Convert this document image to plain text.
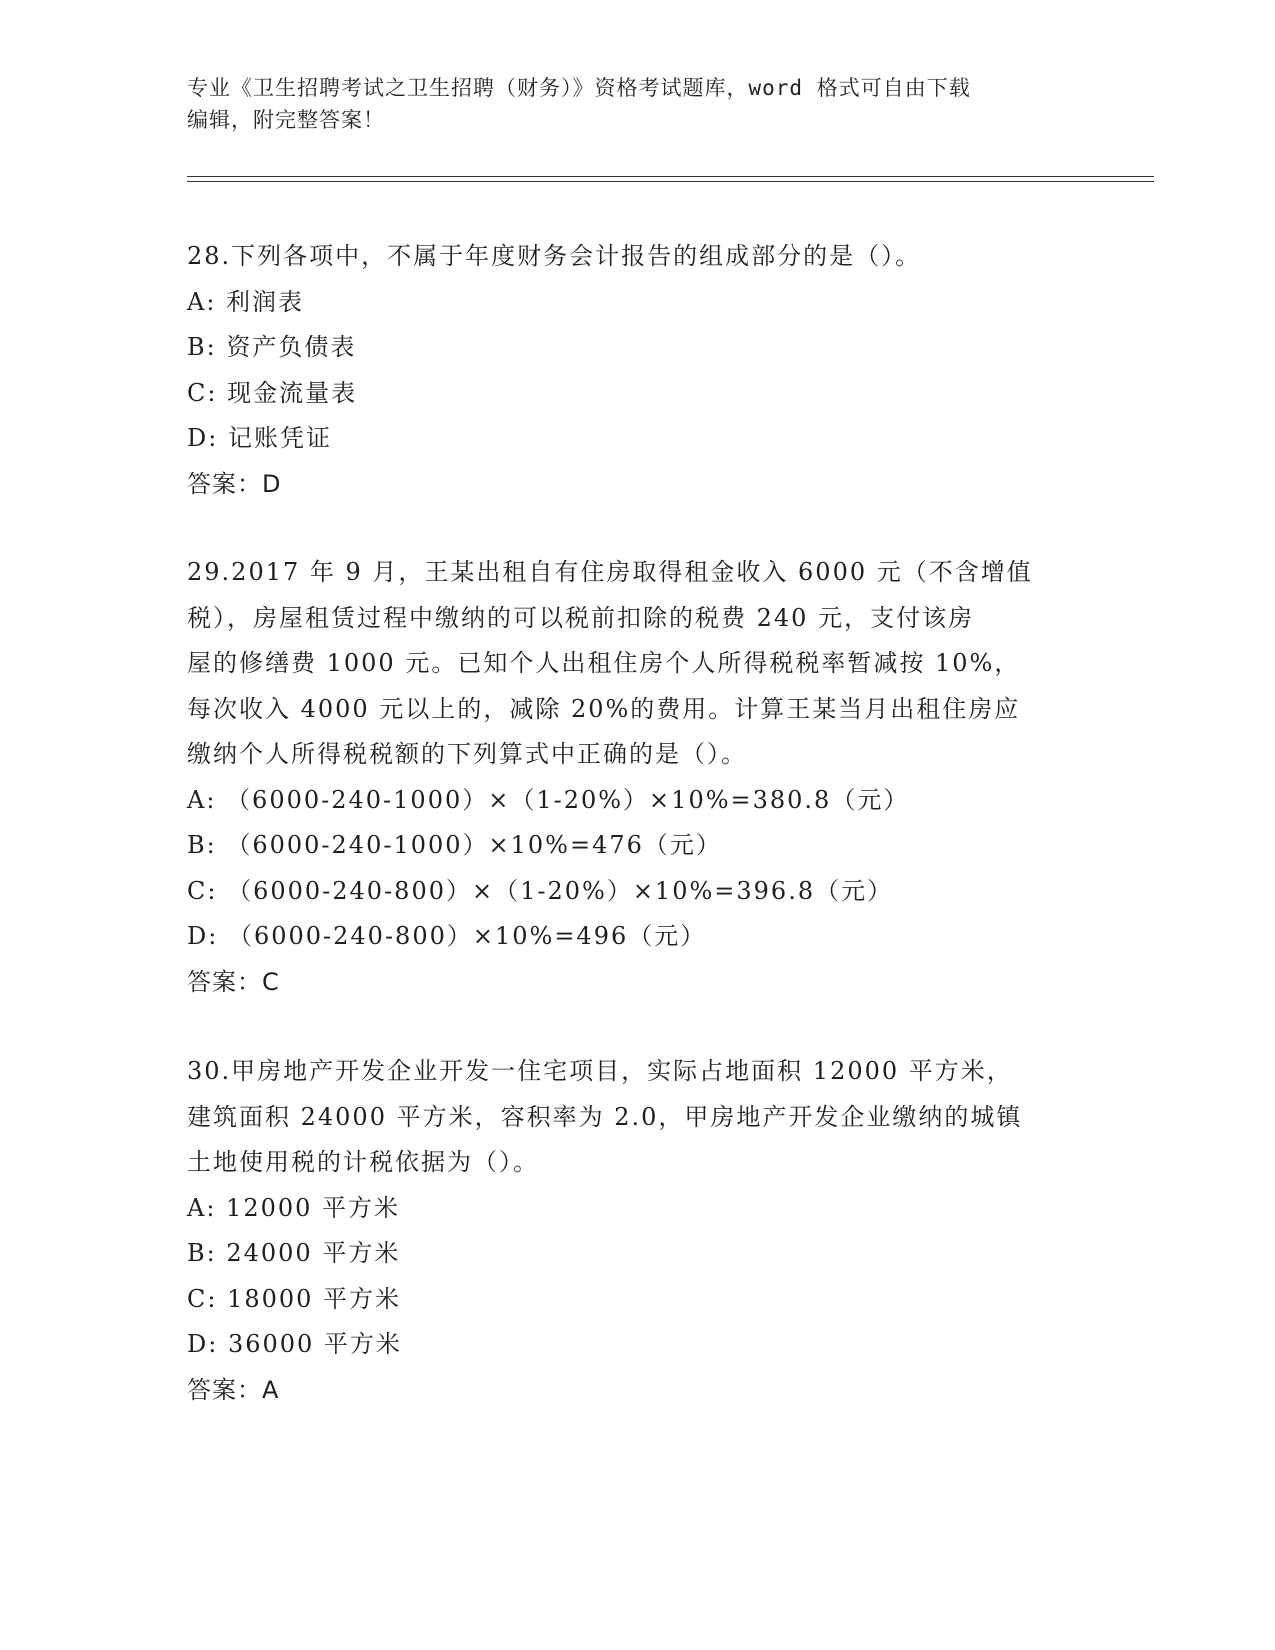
专业《卫生招聘考试之卫生招聘（财务）》资格考试题库，word 格式可自由下载
编辑，附完整答案！
28.下列各项中，不属于年度财务会计报告的组成部分的是（）。
A: 利润表
B: 资产负债表
C: 现金流量表
D: 记账凭证
答案：D
29.2017 年 9 月，王某出租自有住房取得租金收入 6000 元（不含增值
税），房屋租赁过程中缴纳的可以税前扣除的税费 240 元，支付该房
屋的修缮费 1000 元。已知个人出租住房个人所得税税率暂减按 10%，
每次收入 4000 元以上的，减除 20%的费用。计算王某当月出租住房应
缴纳个人所得税税额的下列算式中正确的是（）。
A: （6000-240-1000）×（1-20%）×10%=380.8（元）
B: （6000-240-1000）×10%=476（元）
C: （6000-240-800）×（1-20%）×10%=396.8（元）
D: （6000-240-800）×10%=496（元）
答案：C
30.甲房地产开发企业开发一住宅项目，实际占地面积 12000 平方米，
建筑面积 24000 平方米，容积率为 2.0，甲房地产开发企业缴纳的城镇
土地使用税的计税依据为（）。
A: 12000 平方米
B: 24000 平方米
C: 18000 平方米
D: 36000 平方米
答案：A
